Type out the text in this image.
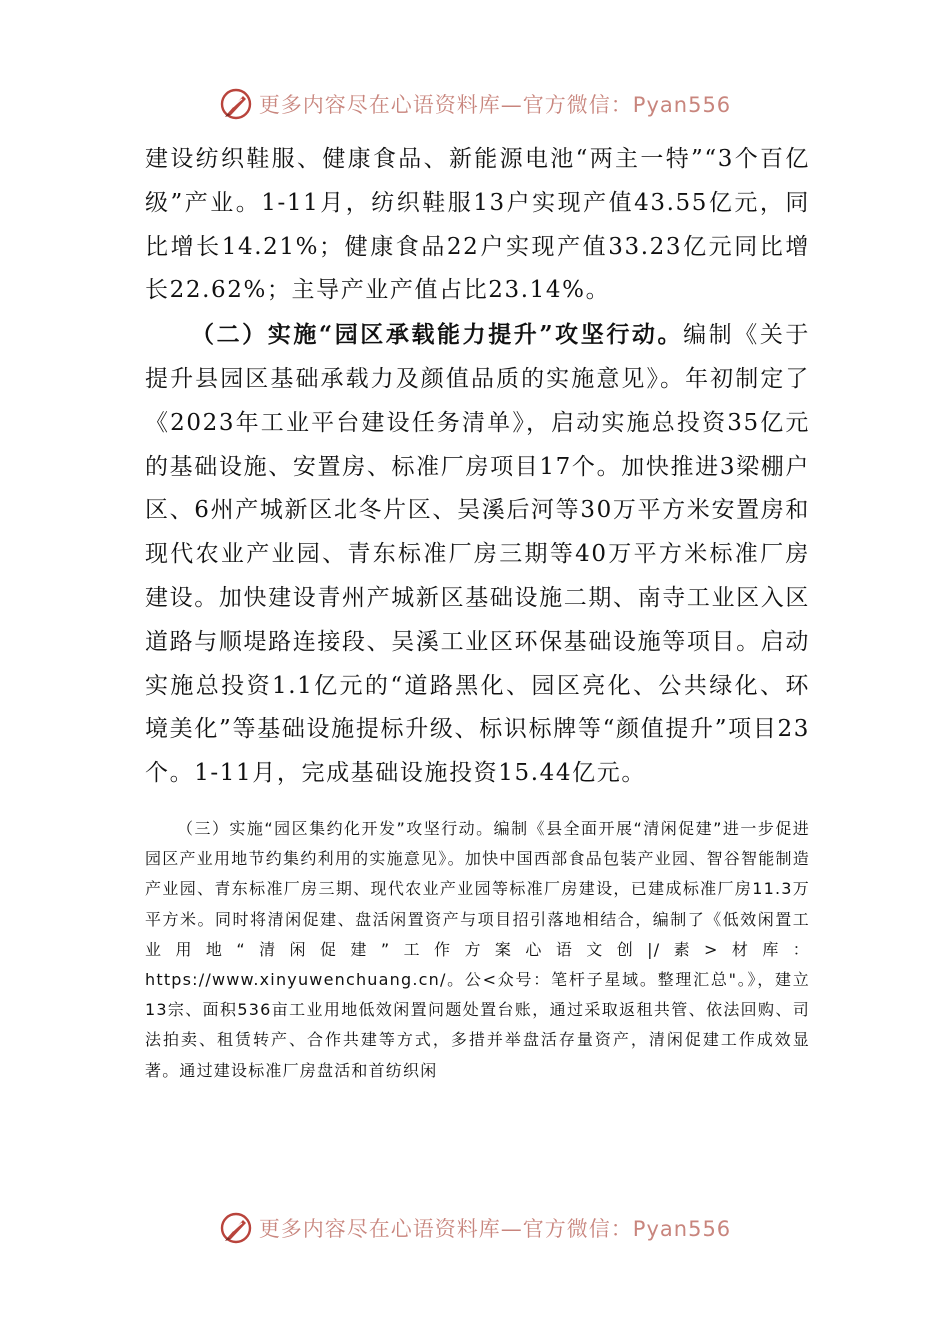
更多内容尽在心语资料库—官方微信：Pyan556

建设纺织鞋服、健康食品、新能源电池“两主一特”“3个百亿级”产业。1-11月，纺织鞋服13户实现产值43.55亿元，同比增长14.21%；健康食品22户实现产值33.23亿元同比增长22.62%；主导产业产值占比23.14%。

（二）实施“园区承载能力提升”攻坚行动。编制《关于提升县园区基础承载力及颜值品质的实施意见》。年初制定了《2023年工业平台建设任务清单》，启动实施总投资35亿元的基础设施、安置房、标准厂房项目17个。加快推进3梁棚户区、6州产城新区北冬片区、吴溪后河等30万平方米安置房和现代农业产业园、青东标准厂房三期等40万平方米标准厂房建设。加快建设青州产城新区基础设施二期、南寺工业区入区道路与顺堤路连接段、吴溪工业区环保基础设施等项目。启动实施总投资1.1亿元的“道路黑化、园区亮化、公共绿化、环境美化”等基础设施提标升级、标识标牌等“颜值提升”项目23个。1-11月，完成基础设施投资15.44亿元。

（三）实施“园区集约化开发”攻坚行动。编制《县全面开展“清闲促建”进一步促进园区产业用地节约集约利用的实施意见》。加快中国西部食品包装产业园、智谷智能制造产业园、青东标准厂房三期、现代农业产业园等标准厂房建设，已建成标准厂房11.3万平方米。同时将清闲促建、盘活闲置资产与项目招引落地相结合，编制了《低效闲置工业用地“清闲促建”工作方案心语文创|/素>材库：https://www.xinyuwenchuang.cn/。公<众号：笔杆子星域。整理汇总"。》，建立13宗、面积536亩工业用地低效闲置问题处置台账，通过采取返租共管、依法回购、司法拍卖、租赁转产、合作共建等方式，多措并举盘活存量资产，清闲促建工作成效显著。通过建设标准厂房盘活和首纺织闲

更多内容尽在心语资料库—官方微信：Pyan556
